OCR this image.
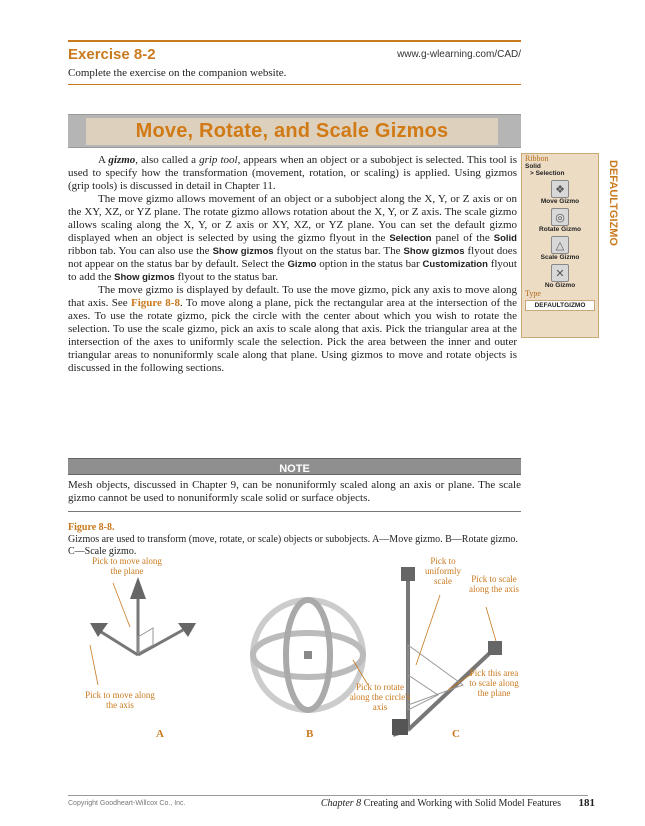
Exercise 8-2	www.g-wlearning.com/CAD/
Complete the exercise on the companion website.
Move, Rotate, and Scale Gizmos

A gizmo, also called a grip tool, appears when an object or a subobject is selected. This tool is used to specify how the transformation (movement, rotation, or scaling) is applied. Using gizmos (grip tools) is discussed in detail in Chapter 11.

The move gizmo allows movement of an object or a subobject along the X, Y, or Z axis or on the XY, XZ, or YZ plane. The rotate gizmo allows rotation about the X, Y, or Z axis. The scale gizmo allows scaling along the X, Y, or Z axis or XY, XZ, or YZ plane. You can set the default gizmo displayed when an object is selected by using the gizmo flyout in the Selection panel of the Solid ribbon tab. You can also use the Show gizmos flyout on the status bar. The Show gizmos flyout does not appear on the status bar by default. Select the Gizmo option in the status bar Customization flyout to add the Show gizmos flyout to the status bar.

The move gizmo is displayed by default. To use the move gizmo, pick any axis to move along that axis. See Figure 8-8. To move along a plane, pick the rectangular area at the intersection of the axes. To use the rotate gizmo, pick the circle with the center about which you wish to rotate the selection. To use the scale gizmo, pick an axis to scale along that axis. Pick the triangular area at the intersection of the axes to uniformly scale the selection. Pick the area between the inner and outer triangular areas to nonuniformly scale along that plane. Using gizmos to move and rotate objects is discussed in the following sections.

Ribbon
Solid
> Selection
❖
Move Gizmo
◎
Rotate Gizmo
△
Scale Gizmo
✕
No Gizmo
Type
DEFAULTGIZMO
DEFAULTGIZMO
NOTE
Mesh objects, discussed in Chapter 9, can be nonuniformly scaled along an axis or plane. The scale gizmo cannot be used to nonuniformly scale solid or surface objects.
Figure 8-8.
Gizmos are used to transform (move, rotate, or scale) objects or subobjects. A—Move gizmo. B—Rotate gizmo. C—Scale gizmo.
Pick to move along the plane
Pick to move along the axis
Pick to rotate along the circle's axis
Pick to uniformly scale	Pick to scale along the axis
Pick this area to scale along the plane
A	B	C
Copyright Goodheart-Willcox Co., Inc.	Chapter 8 Creating and Working with Solid Model Features 181
